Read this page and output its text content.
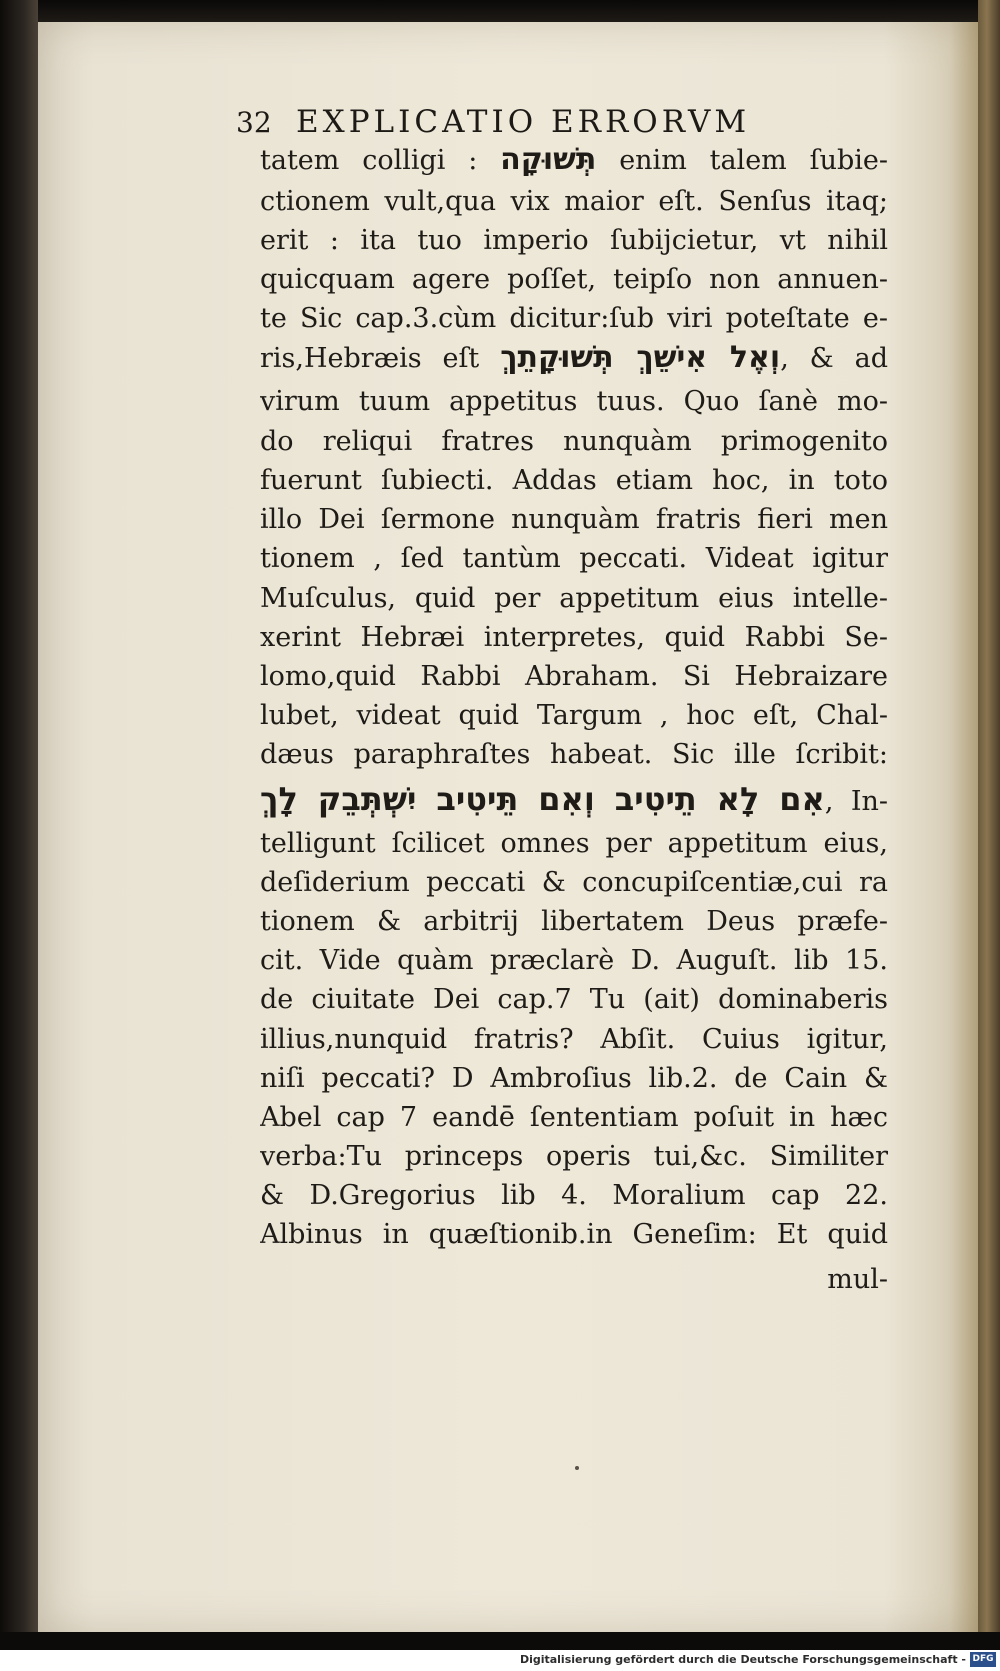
32 EXPLICATIO ERRORVM
tatem colligi : תְּשׁוּקָה enim talem ſubie-
ctionem vult,qua vix maior eſt. Senſus itaq;
erit : ita tuo imperio ſubijcietur, vt nihil
quicquam agere poſſet, teipſo non annuen-
te Sic cap.3.cùm dicitur:ſub viri poteſtate e-
ris,Hebræis eſt וְאֶל אִישֵׁךְ תְּשׁוּקָתֵךְ, & ad
virum tuum appetitus tuus. Quo ſanè mo-
do reliqui fratres nunquàm primogenito
fuerunt ſubiecti. Addas etiam hoc, in toto
illo Dei ſermone nunquàm fratris fieri men
tionem , ſed tantùm peccati. Videat igitur
Muſculus, quid per appetitum eius intelle-
xerint Hebræi interpretes, quid Rabbi Se-
lomo,quid Rabbi Abraham. Si Hebraizare
lubet, videat quid Targum , hoc eſt, Chal-
dæus paraphraſtes habeat. Sic ille ſcribit:
אִם לָא תֵיטִיב וְאִם תֵּיטִיב יִשְׁתְּבֵק לָךְ, In-
telligunt ſcilicet omnes per appetitum eius,
deſiderium peccati & concupiſcentiæ,cui ra
tionem & arbitrij libertatem Deus præfe-
cit. Vide quàm præclarè D. Auguſt. lib 15.
de ciuitate Dei cap.7 Tu (ait) dominaberis
illius,nunquid fratris? Abſit. Cuius igitur,
niſi peccati? D Ambroſius lib.2. de Cain &
Abel cap 7 eandē ſententiam poſuit in hæc
verba:Tu princeps operis tui,&c. Similiter
& D.Gregorius lib 4. Moralium cap 22.
Albinus in quæſtionib.in Geneſim: Et quid
mul-
Digitalisierung gefördert durch die Deutsche Forschungsgemeinschaft - DFG
